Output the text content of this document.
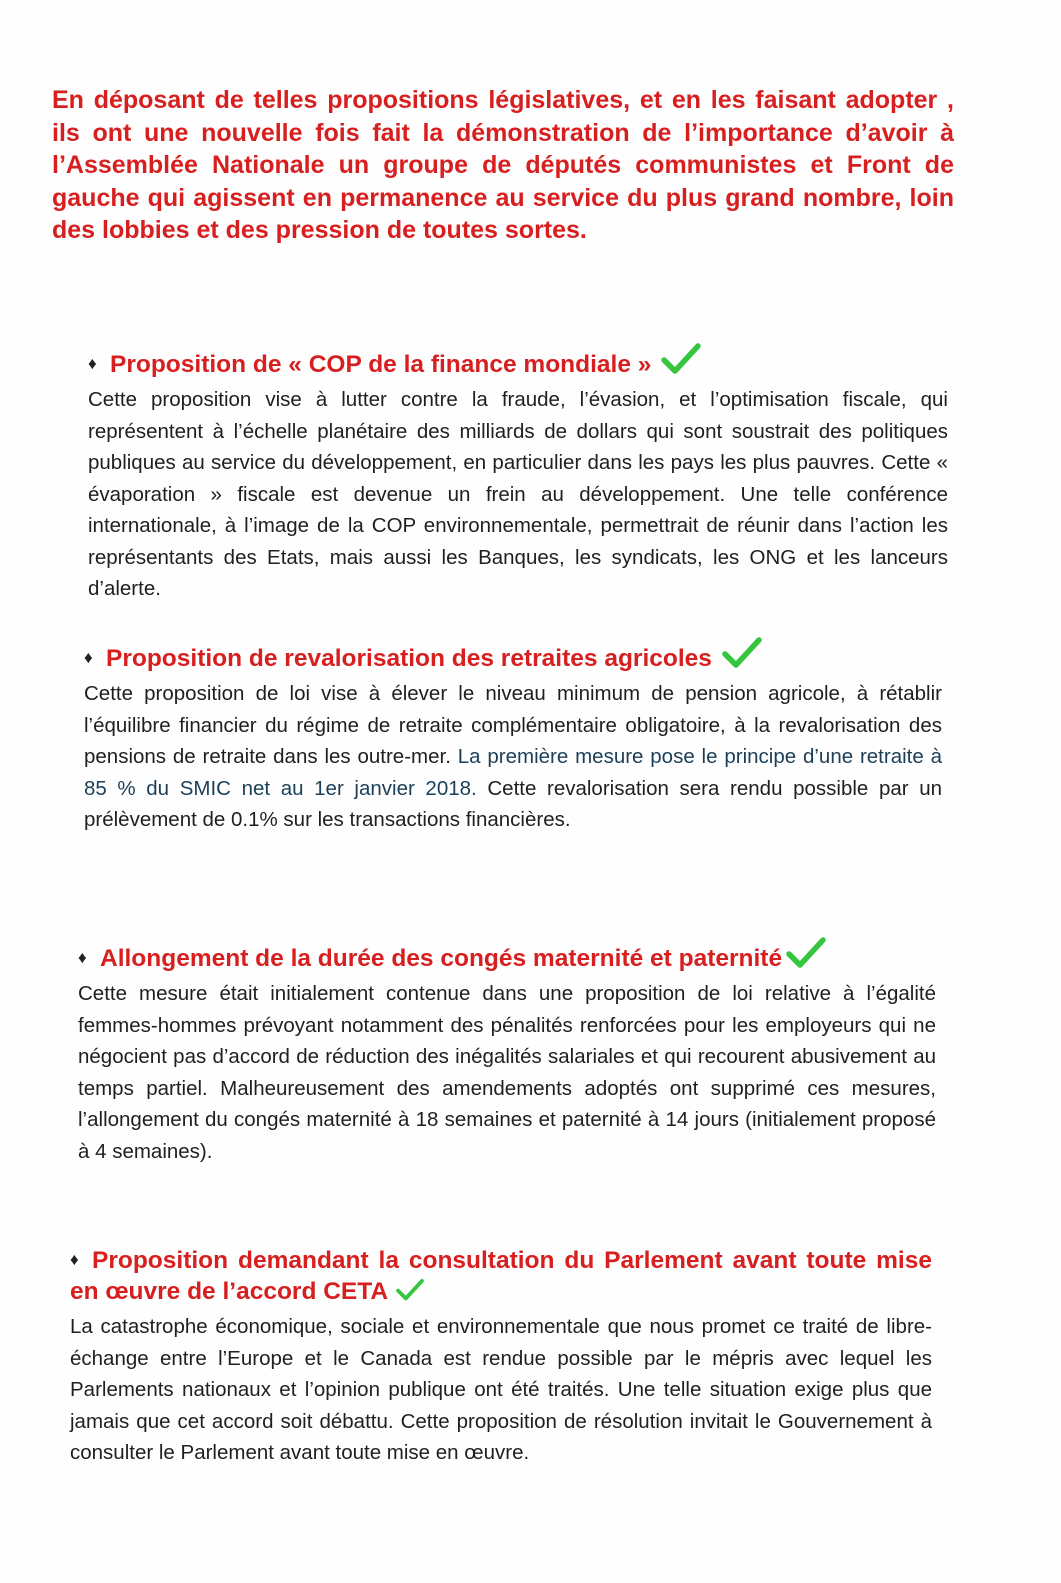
En déposant de telles propositions législatives, et en les faisant adopter , ils ont une nouvelle fois fait la démonstration de l’importance d’avoir à l’Assemblée Nationale un groupe de députés communistes et Front de gauche qui agissent en permanence au service du plus grand nombre, loin des lobbies et des pression de toutes sortes.

♦ Proposition de « COP de la finance mondiale »

Cette proposition vise à lutter contre la fraude, l’évasion, et l’optimisation fiscale, qui représentent à l’échelle planétaire des milliards de dollars qui sont soustrait des politiques publiques au service du développement, en particulier dans les pays les plus pauvres. Cette « évaporation » fiscale est devenue un frein au développement. Une telle conférence internationale, à l’image de la COP environnementale, permettrait de réunir dans l’action les représentants des Etats, mais aussi les Banques, les syndicats, les ONG et les lanceurs d’alerte.

♦ Proposition de revalorisation des retraites agricoles

Cette proposition de loi vise à élever le niveau minimum de pension agricole, à rétablir l’équilibre financier du régime de retraite complémentaire obligatoire, à la revalorisation des pensions de retraite dans les outre-mer. La première mesure pose le principe d’une retraite à 85 % du SMIC net au 1er janvier 2018. Cette revalorisation sera rendu possible par un prélèvement de 0.1% sur les transactions financières.

♦ Allongement de la durée des congés maternité et paternité

Cette mesure était initialement contenue dans une proposition de loi relative à l’égalité femmes-hommes prévoyant notamment des pénalités renforcées pour les employeurs qui ne négocient pas d’accord de réduction des inégalités salariales et qui recourent abusivement au temps partiel. Malheureusement des amendements adoptés ont supprimé ces mesures, l’allongement du congés maternité à 18 semaines et paternité à 14 jours (initialement proposé à 4 semaines).

♦ Proposition demandant la consultation du Parlement avant toute mise en œuvre de l’accord CETA

La catastrophe économique, sociale et environnementale que nous promet ce traité de libre-échange entre l’Europe et le Canada est rendue possible par le mépris avec lequel les Parlements nationaux et l’opinion publique ont été traités. Une telle situation exige plus que jamais que cet accord soit débattu. Cette proposition de résolution invitait le Gouvernement à consulter le Parlement avant toute mise en œuvre.
